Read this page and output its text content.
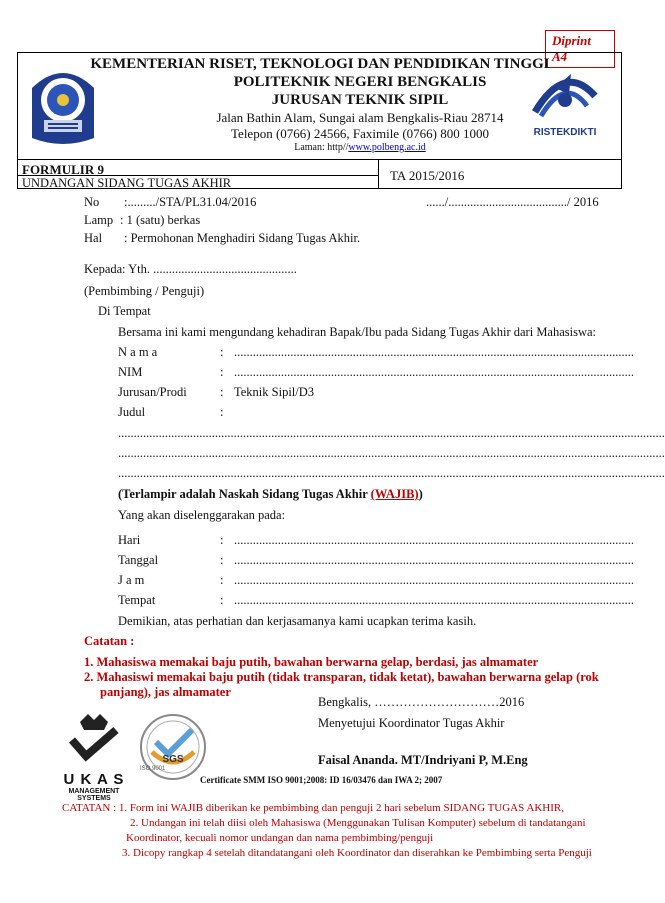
Diprint
A4
RISTEKDIKTI
KEMENTERIAN RISET, TEKNOLOGI DAN PENDIDIKAN TINGGI
POLITEKNIK NEGERI BENGKALIS
JURUSAN TEKNIK SIPIL
Jalan Bathin Alam, Sungai alam Bengkalis-Riau 28714
Telepon (0766) 24566, Faximile (0766) 800 1000
Laman: http//www.polbeng.ac.id
FORMULIR 9
UNDANGAN SIDANG TUGAS AKHIR	TA 2015/2016
No :........./STA/PL31.04/2016	....../....................................../ 2016
Lamp : 1 (satu) berkas
Hal : Permohonan Menghadiri Sidang Tugas Akhir.
Kepada : Yth. ..............................................
(Pembimbing / Penguji)
Di Tempat
Bersama ini kami mengundang kehadiran Bapak/Ibu pada Sidang Tugas Akhir dari Mahasiswa:
N a m a	: ................................................................................................................................
NIM	: ................................................................................................................................
Jurusan/Prodi	: Teknik Sipil/D3
Judul	:
...............................................................................................................................................................................
...............................................................................................................................................................................
...............................................................................................................................................................................
(Terlampir adalah Naskah Sidang Tugas Akhir (WAJIB))
Yang akan diselenggarakan pada:
Hari	: ................................................................................................................................
Tanggal	: ................................................................................................................................
J a m	: ................................................................................................................................
Tempat	: ................................................................................................................................
Demikian, atas perhatian dan kerjasamanya kami ucapkan terima kasih.
Catatan :
1. Mahasiswa memakai baju putih, bawahan berwarna gelap, berdasi, jas almamater
2. Mahasiswi memakai baju putih (tidak transparan, tidak ketat), bawahan berwarna gelap (rok
panjang), jas almamater
Bengkalis, …………………………2016
Menyetujui Koordinator Tugas Akhir
Faisal Ananda. MT/Indriyani P, M.Eng
U K A S
MANAGEMENT
SYSTEMS
SGS
ISO 9001
Certificate SMM ISO 9001;2008: ID 16/03476 dan IWA 2; 2007
CATATAN : 1. Form ini WAJIB diberikan ke pembimbing dan penguji 2 hari sebelum SIDANG TUGAS AKHIR,
2. Undangan ini telah diisi oleh Mahasiswa (Menggunakan Tulisan Komputer) sebelum di tandatangani
Koordinator, kecuali nomor undangan dan nama pembimbing/penguji
3. Dicopy rangkap 4 setelah ditandatangani oleh Koordinator dan diserahkan ke Pembimbing serta Penguji
